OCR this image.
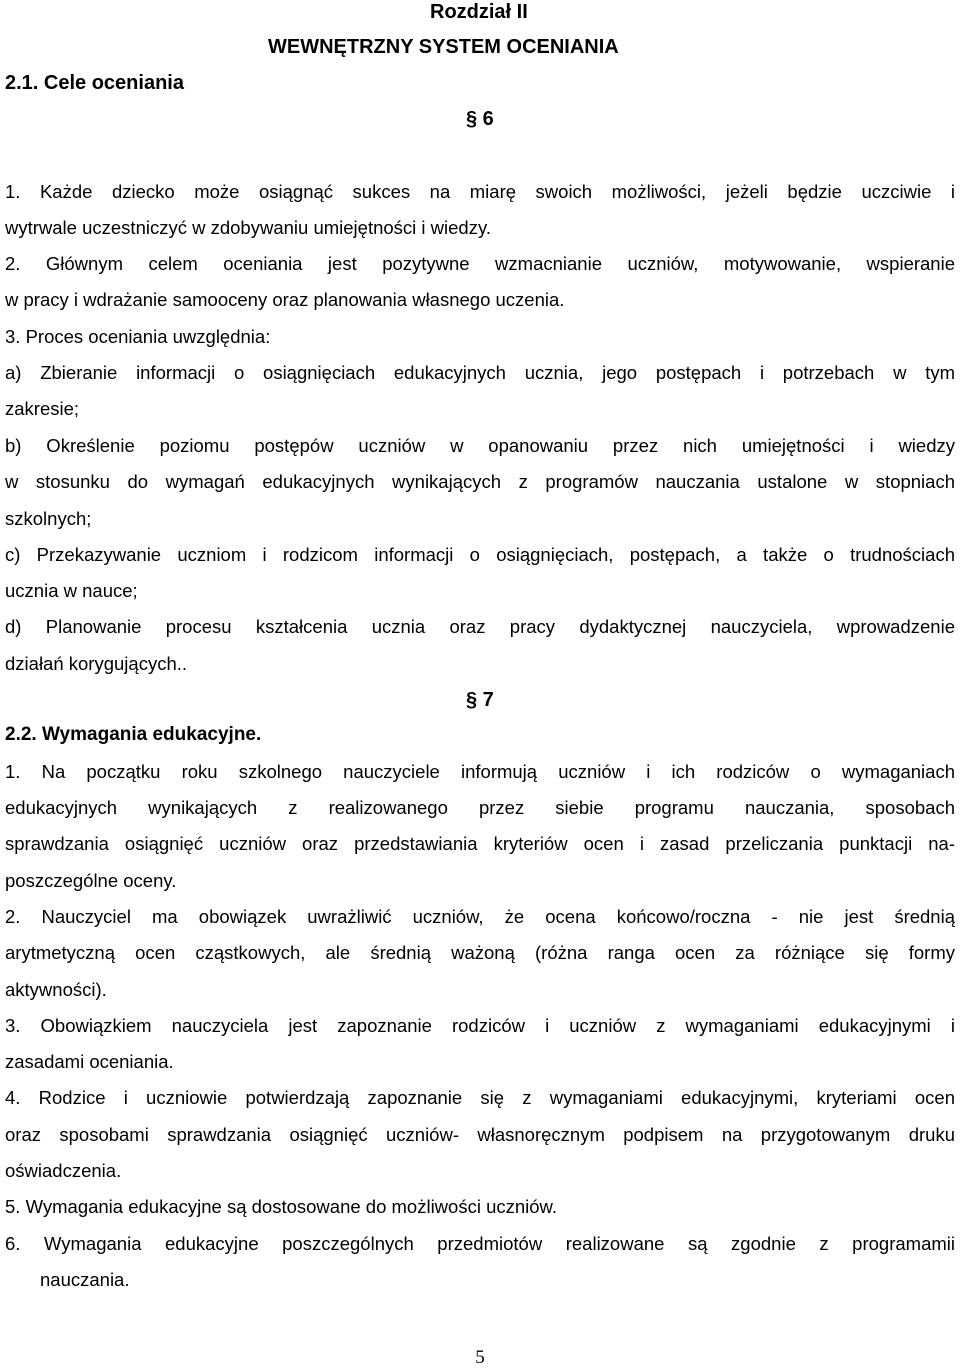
Rozdział II
WEWNĘTRZNY SYSTEM OCENIANIA
2.1. Cele oceniania
§ 6

1. Każde dziecko może osiągnąć sukces na miarę swoich możliwości, jeżeli będzie uczciwie i

wytrwale uczestniczyć w zdobywaniu umiejętności i wiedzy.

2. Głównym celem oceniania jest pozytywne wzmacnianie uczniów, motywowanie, wspieranie

w pracy i wdrażanie samooceny oraz planowania własnego uczenia.

3. Proces oceniania uwzględnia:

a) Zbieranie informacji o osiągnięciach edukacyjnych ucznia, jego postępach i potrzebach w tym

zakresie;

b) Określenie poziomu postępów uczniów w opanowaniu przez nich umiejętności i wiedzy

w stosunku do wymagań edukacyjnych wynikających z programów nauczania ustalone w stopniach

szkolnych;

c) Przekazywanie uczniom i rodzicom informacji o osiągnięciach, postępach, a także o trudnościach

ucznia w nauce;

d) Planowanie procesu kształcenia ucznia oraz pracy dydaktycznej nauczyciela, wprowadzenie

działań korygujących..

§ 7
2.2. Wymagania edukacyjne.

1. Na początku roku szkolnego nauczyciele informują uczniów i ich rodziców o wymaganiach

edukacyjnych wynikających z realizowanego przez siebie programu nauczania, sposobach

sprawdzania osiągnięć uczniów oraz przedstawiania kryteriów ocen i zasad przeliczania punktacji na-

poszczególne oceny.

2. Nauczyciel ma obowiązek uwrażliwić uczniów, że ocena końcowo/roczna - nie jest średnią

arytmetyczną ocen cząstkowych, ale średnią ważoną (różna ranga ocen za różniące się formy

aktywności).

3. Obowiązkiem nauczyciela jest zapoznanie rodziców i uczniów z wymaganiami edukacyjnymi i

zasadami oceniania.

4. Rodzice i uczniowie potwierdzają zapoznanie się z wymaganiami edukacyjnymi, kryteriami ocen

oraz sposobami sprawdzania osiągnięć uczniów- własnoręcznym podpisem na przygotowanym druku

oświadczenia.

5. Wymagania edukacyjne są dostosowane do możliwości uczniów.

6. Wymagania edukacyjne poszczególnych przedmiotów realizowane są zgodnie z programamii

nauczania.

5
